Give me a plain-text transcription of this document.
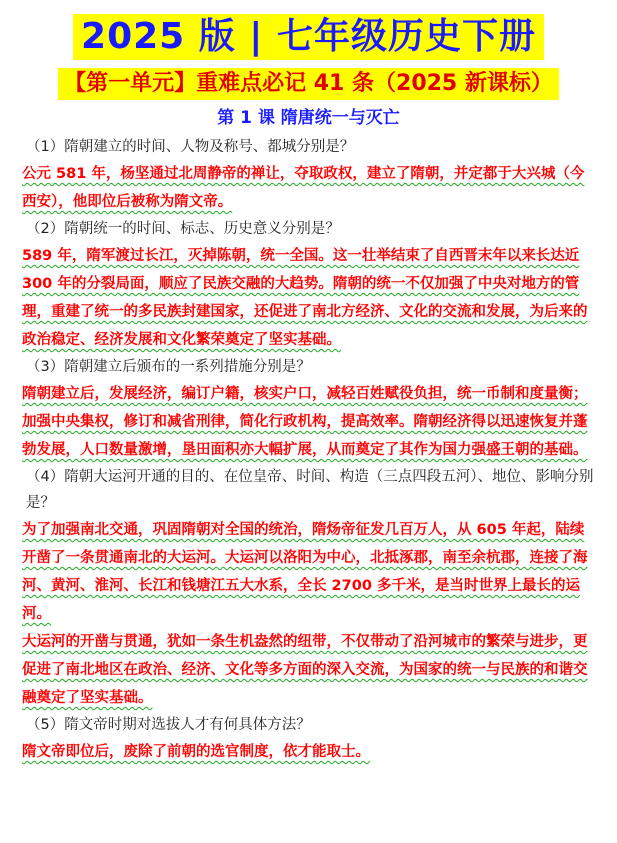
2025 版 | 七年级历史下册
【第一单元】重难点必记 41 条（2025 新课标）
第 1 课 隋唐统一与灭亡

（1）隋朝建立的时间、人物及称号、都城分别是？

公元 581 年，杨坚通过北周静帝的禅让，夺取政权，建立了隋朝，并定都于大兴城（今西安），他即位后被称为隋文帝。

（2）隋朝统一的时间、标志、历史意义分别是？

589 年，隋军渡过长江，灭掉陈朝，统一全国。这一壮举结束了自西晋末年以来长达近 300 年的分裂局面，顺应了民族交融的大趋势。隋朝的统一不仅加强了中央对地方的管理，重建了统一的多民族封建国家，还促进了南北方经济、文化的交流和发展，为后来的政治稳定、经济发展和文化繁荣奠定了坚实基础。

（3）隋朝建立后颁布的一系列措施分别是？

隋朝建立后，发展经济，编订户籍，核实户口，减轻百姓赋役负担，统一币制和度量衡；加强中央集权，修订和减省刑律，简化行政机构，提高效率。隋朝经济得以迅速恢复并蓬勃发展，人口数量激增，垦田面积亦大幅扩展，从而奠定了其作为国力强盛王朝的基础。

（4）隋朝大运河开通的目的、在位皇帝、时间、构造（三点四段五河）、地位、影响分别是？

为了加强南北交通，巩固隋朝对全国的统治，隋炀帝征发几百万人，从 605 年起，陆续开凿了一条贯通南北的大运河。大运河以洛阳为中心，北抵涿郡，南至余杭郡，连接了海河、黄河、淮河、长江和钱塘江五大水系，全长 2700 多千米，是当时世界上最长的运河。

大运河的开凿与贯通，犹如一条生机盎然的纽带，不仅带动了沿河城市的繁荣与进步，更促进了南北地区在政治、经济、文化等多方面的深入交流，为国家的统一与民族的和谐交融奠定了坚实基础。

（5）隋文帝时期对选拔人才有何具体方法？

隋文帝即位后，废除了前朝的选官制度，依才能取士。
